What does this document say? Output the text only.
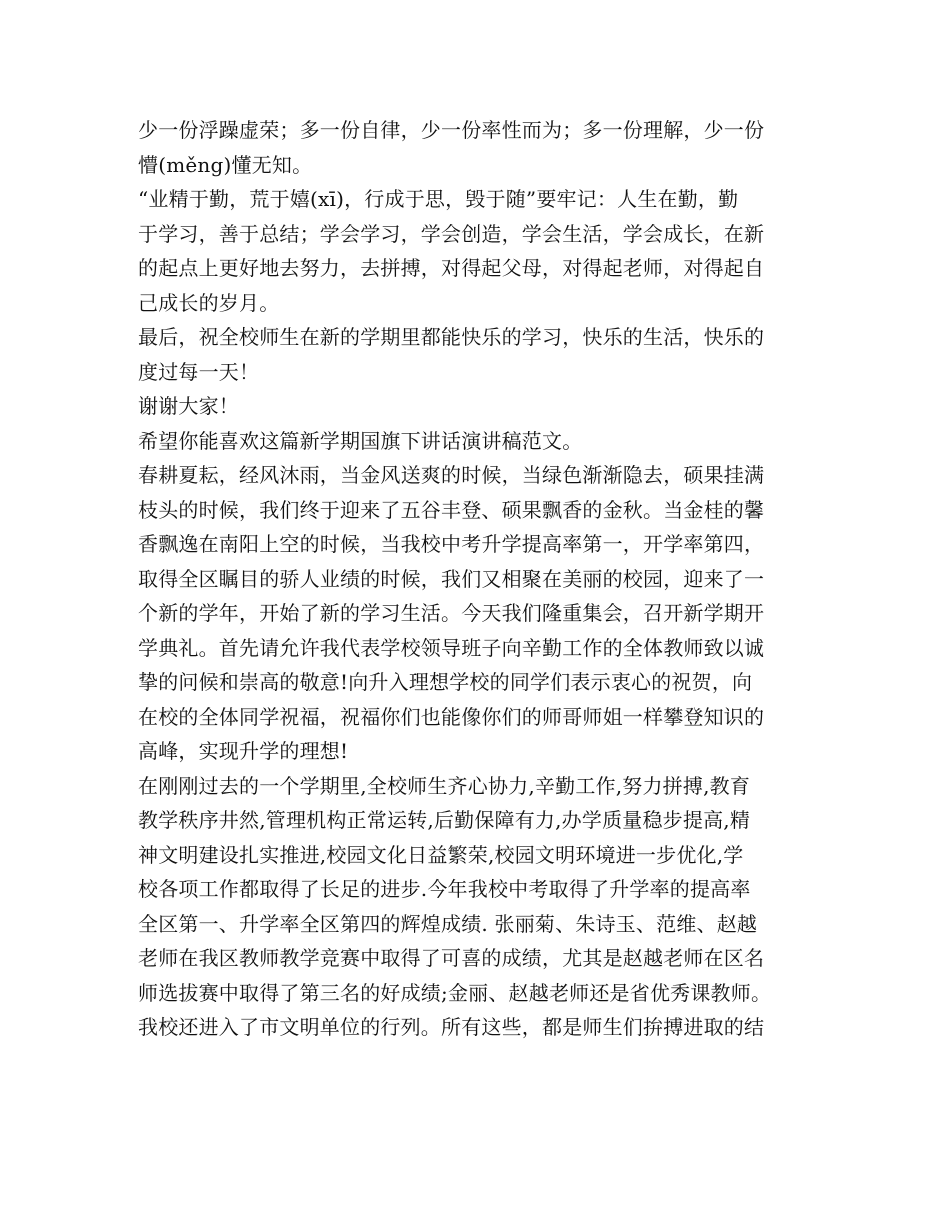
少一份浮躁虚荣；多一份自律，少一份率性而为；多一份理解，少一份
懵(měng)懂无知。
“业精于勤，荒于嬉(xī)，行成于思，毁于随”要牢记：人生在勤，勤
于学习，善于总结；学会学习，学会创造，学会生活，学会成长，在新
的起点上更好地去努力，去拼搏，对得起父母，对得起老师，对得起自
己成长的岁月。
最后，祝全校师生在新的学期里都能快乐的学习，快乐的生活，快乐的
度过每一天！
谢谢大家！
希望你能喜欢这篇新学期国旗下讲话演讲稿范文。
春耕夏耘，经风沐雨，当金风送爽的时候，当绿色渐渐隐去，硕果挂满
枝头的时候，我们终于迎来了五谷丰登、硕果飘香的金秋。当金桂的馨
香飘逸在南阳上空的时候，当我校中考升学提高率第一，开学率第四，
取得全区瞩目的骄人业绩的时候，我们又相聚在美丽的校园，迎来了一
个新的学年，开始了新的学习生活。今天我们隆重集会，召开新学期开
学典礼。首先请允许我代表学校领导班子向辛勤工作的全体教师致以诚
挚的问候和崇高的敬意!向升入理想学校的同学们表示衷心的祝贺，向
在校的全体同学祝福，祝福你们也能像你们的师哥师姐一样攀登知识的
高峰，实现升学的理想!
在刚刚过去的一个学期里,全校师生齐心协力,辛勤工作,努力拼搏,教育
教学秩序井然,管理机构正常运转,后勤保障有力,办学质量稳步提高,精
神文明建设扎实推进,校园文化日益繁荣,校园文明环境进一步优化,学
校各项工作都取得了长足的进步.今年我校中考取得了升学率的提高率
全区第一、升学率全区第四的辉煌成绩. 张丽菊、朱诗玉、范维、赵越
老师在我区教师教学竞赛中取得了可喜的成绩，尤其是赵越老师在区名
师选拔赛中取得了第三名的好成绩;金丽、赵越老师还是省优秀课教师。
我校还进入了市文明单位的行列。所有这些，都是师生们拚搏进取的结
